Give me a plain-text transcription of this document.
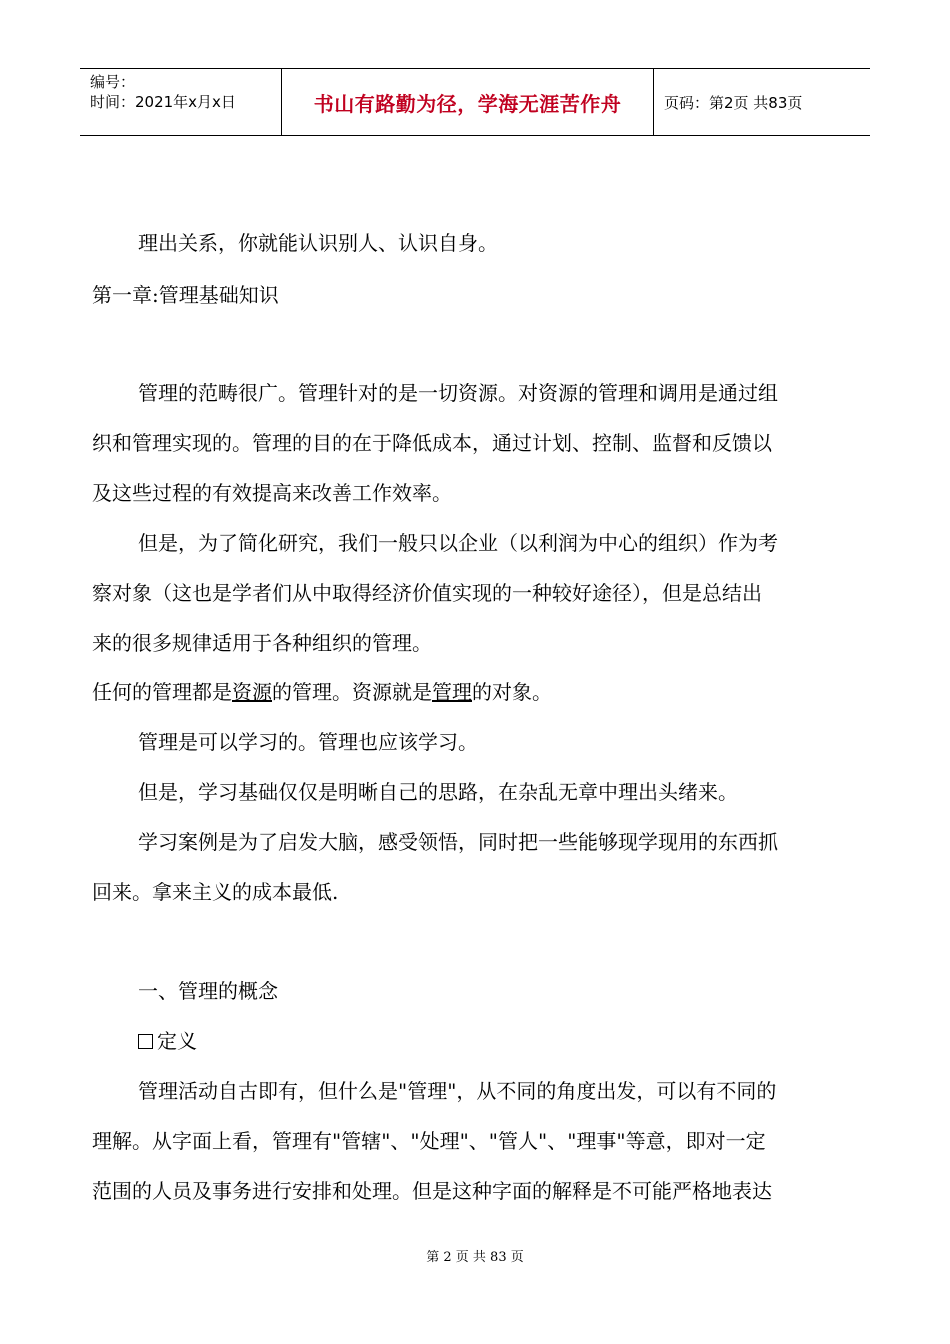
编号：
时间：2021年x月x日	书山有路勤为径，学海无涯苦作舟	页码：第2页 共83页
理出关系，你就能认识别人、认识自身。
第一章:管理基础知识
管理的范畴很广。管理针对的是一切资源。对资源的管理和调用是通过组
织和管理实现的。管理的目的在于降低成本，通过计划、控制、监督和反馈以
及这些过程的有效提高来改善工作效率。
但是，为了简化研究，我们一般只以企业（以利润为中心的组织）作为考
察对象（这也是学者们从中取得经济价值实现的一种较好途径），但是总结出
来的很多规律适用于各种组织的管理。
任何的管理都是资源的管理。资源就是管理的对象。
管理是可以学习的。管理也应该学习。
但是，学习基础仅仅是明晰自己的思路，在杂乱无章中理出头绪来。
学习案例是为了启发大脑，感受领悟，同时把一些能够现学现用的东西抓
回来。拿来主义的成本最低.
一、管理的概念
定义
管理活动自古即有，但什么是"管理"，从不同的角度出发，可以有不同的
理解。从字面上看，管理有"管辖"、"处理"、"管人"、"理事"等意，即对一定
范围的人员及事务进行安排和处理。但是这种字面的解释是不可能严格地表达
第 2 页 共 83 页
